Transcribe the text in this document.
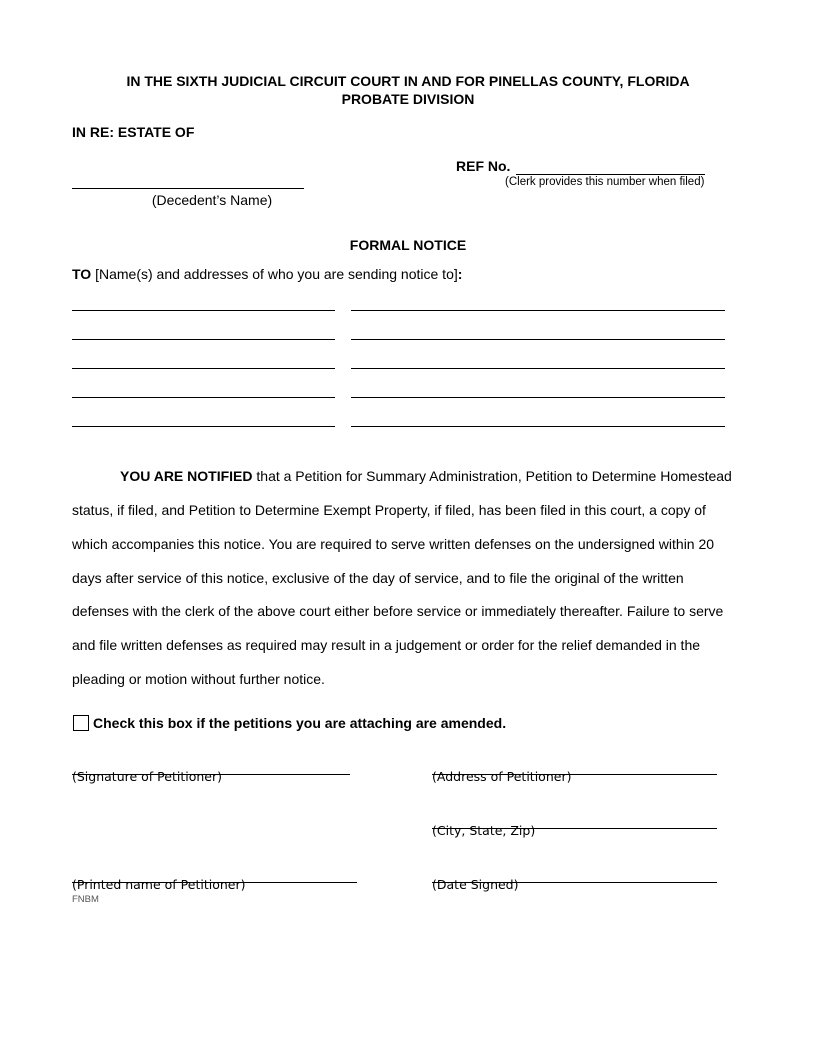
IN THE SIXTH JUDICIAL CIRCUIT COURT IN AND FOR PINELLAS COUNTY, FLORIDA
PROBATE DIVISION
IN RE: ESTATE OF
REF No.
(Clerk provides this number when filed)
(Decedent’s Name)
FORMAL NOTICE
TO [Name(s) and addresses of who you are sending notice to]:
YOU ARE NOTIFIED that a Petition for Summary Administration, Petition to Determine Homestead
status, if filed, and Petition to Determine Exempt Property, if filed, has been filed in this court, a copy of
which accompanies this notice. You are required to serve written defenses on the undersigned within 20
days after service of this notice, exclusive of the day of service, and to file the original of the written
defenses with the clerk of the above court either before service or immediately thereafter. Failure to serve
and file written defenses as required may result in a judgement or order for the relief demanded in the
pleading or motion without further notice.
Check this box if the petitions you are attaching are amended.
(Signature of Petitioner)	(Address of Petitioner)
(City, State, Zip)
(Printed name of Petitioner)	(Date Signed)
FNBM
